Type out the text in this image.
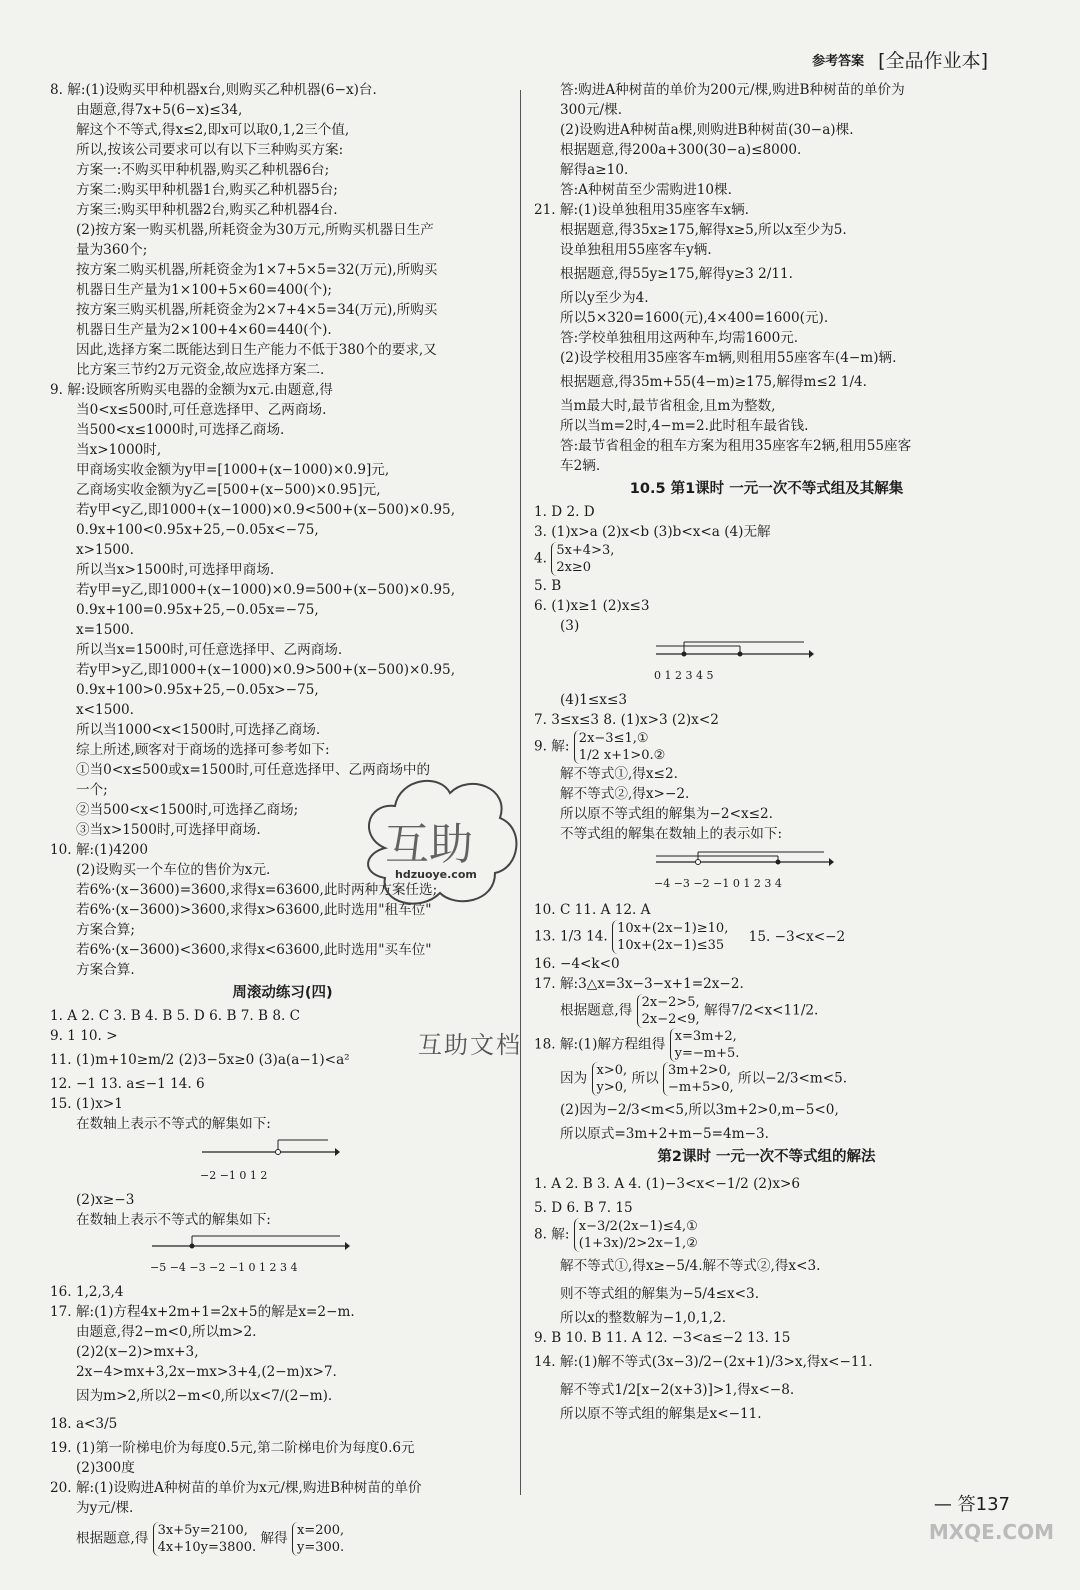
参考答案 [全品作业本]
8. 解:(1)设购买甲种机器x台,则购买乙种机器(6−x)台.
由题意,得7x+5(6−x)≤34,
解这个不等式,得x≤2,即x可以取0,1,2三个值,
所以,按该公司要求可以有以下三种购买方案:
方案一:不购买甲种机器,购买乙种机器6台;
方案二:购买甲种机器1台,购买乙种机器5台;
方案三:购买甲种机器2台,购买乙种机器4台.
(2)按方案一购买机器,所耗资金为30万元,所购买机器日生产
量为360个;
按方案二购买机器,所耗资金为1×7+5×5=32(万元),所购买
机器日生产量为1×100+5×60=400(个);
按方案三购买机器,所耗资金为2×7+4×5=34(万元),所购买
机器日生产量为2×100+4×60=440(个).
因此,选择方案二既能达到日生产能力不低于380个的要求,又
比方案三节约2万元资金,故应选择方案二.
9. 解:设顾客所购买电器的金额为x元.由题意,得
当0<x≤500时,可任意选择甲、乙两商场.
当500<x≤1000时,可选择乙商场.
当x>1000时,
甲商场实收金额为y甲=[1000+(x−1000)×0.9]元,
乙商场实收金额为y乙=[500+(x−500)×0.95]元,
若y甲<y乙,即1000+(x−1000)×0.9<500+(x−500)×0.95,
0.9x+100<0.95x+25,−0.05x<−75,
x>1500.
所以当x>1500时,可选择甲商场.
若y甲=y乙,即1000+(x−1000)×0.9=500+(x−500)×0.95,
0.9x+100=0.95x+25,−0.05x=−75,
x=1500.
所以当x=1500时,可任意选择甲、乙两商场.
若y甲>y乙,即1000+(x−1000)×0.9>500+(x−500)×0.95,
0.9x+100>0.95x+25,−0.05x>−75,
x<1500.
所以当1000<x<1500时,可选择乙商场.
综上所述,顾客对于商场的选择可参考如下:
①当0<x≤500或x=1500时,可任意选择甲、乙两商场中的
一个;
②当500<x<1500时,可选择乙商场;
③当x>1500时,可选择甲商场.
10. 解:(1)4200
(2)设购买一个车位的售价为x元.
若6%·(x−3600)=3600,求得x=63600,此时两种方案任选;
若6%·(x−3600)>3600,求得x>63600,此时选用"租车位"
方案合算;
若6%·(x−3600)<3600,求得x<63600,此时选用"买车位"
方案合算.
周滚动练习(四)
1. A 2. C 3. B 4. B 5. D 6. B 7. B 8. C
9. 1 10. >
11. (1)m+10≥m/2 (2)3−5x≥0 (3)a(a−1)<a²
12. −1 13. a≤−1 14. 6
15. (1)x>1
在数轴上表示不等式的解集如下:
−2 −1 0 1 2
(2)x≥−3
在数轴上表示不等式的解集如下:
−5 −4 −3 −2 −1 0 1 2 3 4
16. 1,2,3,4
17. 解:(1)方程4x+2m+1=2x+5的解是x=2−m.
由题意,得2−m<0,所以m>2.
(2)2(x−2)>mx+3,
2x−4>mx+3,2x−mx>3+4,(2−m)x>7.
因为m>2,所以2−m<0,所以x<7/(2−m).
18. a<3/5
19. (1)第一阶梯电价为每度0.5元,第二阶梯电价为每度0.6元
(2)300度
20. 解:(1)设购进A种树苗的单价为x元/棵,购进B种树苗的单价
为y元/棵.
根据题意,得 3x+5y=2100,
4x+10y=3800.
解得 x=200,
y=300.
答:购进A种树苗的单价为200元/棵,购进B种树苗的单价为
300元/棵.
(2)设购进A种树苗a棵,则购进B种树苗(30−a)棵.
根据题意,得200a+300(30−a)≤8000.
解得a≥10.
答:A种树苗至少需购进10棵.
21. 解:(1)设单独租用35座客车x辆.
根据题意,得35x≥175,解得x≥5,所以x至少为5.
设单独租用55座客车y辆.
根据题意,得55y≥175,解得y≥3 2/11.
所以y至少为4.
所以5×320=1600(元),4×400=1600(元).
答:学校单独租用这两种车,均需1600元.
(2)设学校租用35座客车m辆,则租用55座客车(4−m)辆.
根据题意,得35m+55(4−m)≥175,解得m≤2 1/4.
当m最大时,最节省租金,且m为整数,
所以当m=2时,4−m=2.此时租车最省钱.
答:最节省租金的租车方案为租用35座客车2辆,租用55座客
车2辆.
10.5 第1课时 一元一次不等式组及其解集
1. D 2. D
3. (1)x>a (2)x<b (3)b<x<a (4)无解
4. 5x+4>3,
2x≥0
5. B
6. (1)x≥1 (2)x≤3
(3)
0 1 2 3 4 5
(4)1≤x≤3
7. 3≤x≤3 8. (1)x>3 (2)x<2
9. 解: 2x−3≤1,①
1/2 x+1>0.②
解不等式①,得x≤2.
解不等式②,得x>−2.
所以原不等式组的解集为−2<x≤2.
不等式组的解集在数轴上的表示如下:
−4 −3 −2 −1 0 1 2 3 4
10. C 11. A 12. A
13. 1/3 14. 10x+(2x−1)≥10,
10x+(2x−1)≤35
15. −3<x<−2
16. −4<k<0
17. 解:3△x=3x−3−x+1=2x−2.
根据题意,得 2x−2>5,
2x−2<9,
解得7/2<x<11/2.
18. 解:(1)解方程组得 x=3m+2,
y=−m+5.
因为 x>0,
y>0,
所以 3m+2>0,
−m+5>0,
所以−2/3<m<5.
(2)因为−2/3<m<5,所以3m+2>0,m−5<0,
所以原式=3m+2+m−5=4m−3.
第2课时 一元一次不等式组的解法
1. A 2. B 3. A 4. (1)−3<x<−1/2 (2)x>6
5. D 6. B 7. 15
8. 解: x−3/2(2x−1)≤4,①
(1+3x)/2>2x−1,②
解不等式①,得x≥−5/4.解不等式②,得x<3.
则不等式组的解集为−5/4≤x<3.
所以x的整数解为−1,0,1,2.
9. B 10. B 11. A 12. −3<a≤−2 13. 15
14. 解:(1)解不等式(3x−3)/2−(2x+1)/3>x,得x<−11.
解不等式1/2[x−2(x+3)]>1,得x<−8.
所以原不等式组的解集是x<−11.
互助
hdzuoye.com
互助文档
— 答137
MXQE.COM
